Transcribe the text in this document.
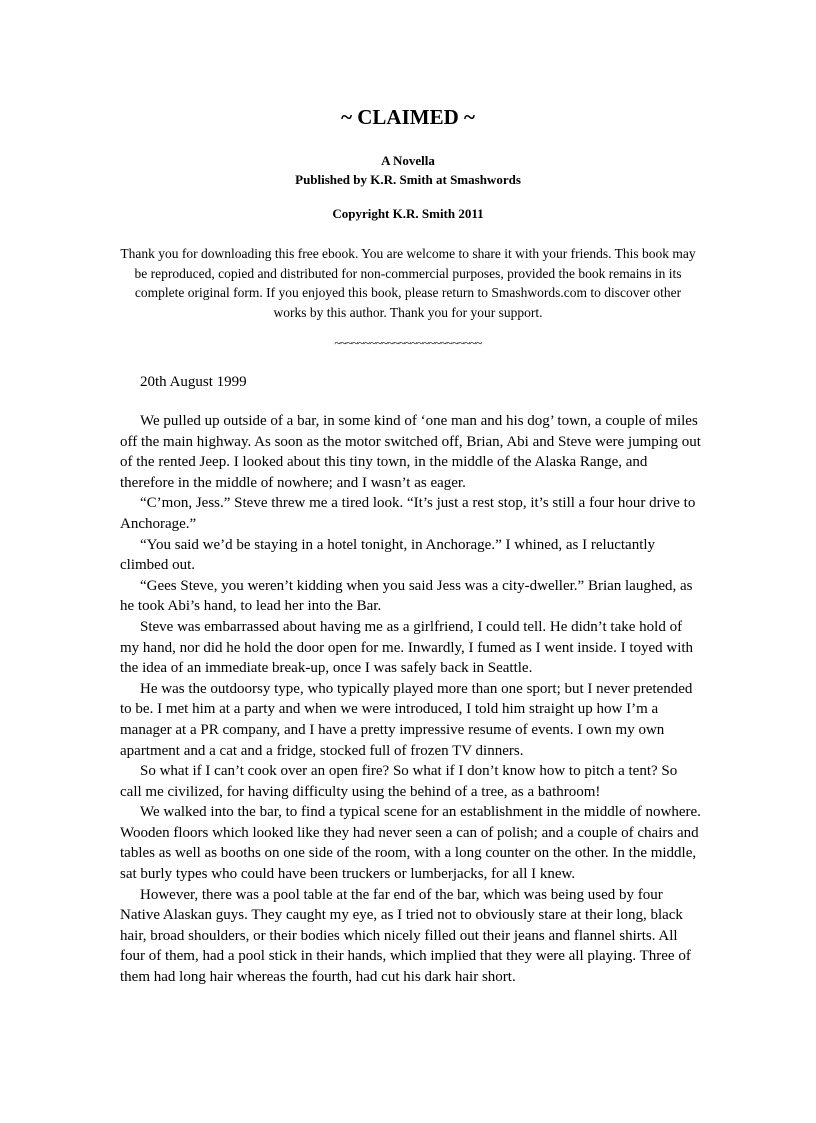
~ CLAIMED ~
A Novella
Published by K.R. Smith at Smashwords
Copyright K.R. Smith 2011
Thank you for downloading this free ebook. You are welcome to share it with your friends. This book may be reproduced, copied and distributed for non-commercial purposes, provided the book remains in its complete original form. If you enjoyed this book, please return to Smashwords.com to discover other works by this author. Thank you for your support.
~~~~~~~~~~~~~~~~~~~~~~~~~
20th August 1999

We pulled up outside of a bar, in some kind of ‘one man and his dog’ town, a couple of miles off the main highway. As soon as the motor switched off, Brian, Abi and Steve were jumping out of the rented Jeep. I looked about this tiny town, in the middle of the Alaska Range, and therefore in the middle of nowhere; and I wasn’t as eager.

“C’mon, Jess.” Steve threw me a tired look. “It’s just a rest stop, it’s still a four hour drive to Anchorage.”

“You said we’d be staying in a hotel tonight, in Anchorage.” I whined, as I reluctantly climbed out.

“Gees Steve, you weren’t kidding when you said Jess was a city-dweller.” Brian laughed, as he took Abi’s hand, to lead her into the Bar.

Steve was embarrassed about having me as a girlfriend, I could tell. He didn’t take hold of my hand, nor did he hold the door open for me. Inwardly, I fumed as I went inside. I toyed with the idea of an immediate break-up, once I was safely back in Seattle.

He was the outdoorsy type, who typically played more than one sport; but I never pretended to be. I met him at a party and when we were introduced, I told him straight up how I’m a manager at a PR company, and I have a pretty impressive resume of events. I own my own apartment and a cat and a fridge, stocked full of frozen TV dinners.

So what if I can’t cook over an open fire? So what if I don’t know how to pitch a tent? So call me civilized, for having difficulty using the behind of a tree, as a bathroom!

We walked into the bar, to find a typical scene for an establishment in the middle of nowhere. Wooden floors which looked like they had never seen a can of polish; and a couple of chairs and tables as well as booths on one side of the room, with a long counter on the other. In the middle, sat burly types who could have been truckers or lumberjacks, for all I knew.

However, there was a pool table at the far end of the bar, which was being used by four Native Alaskan guys. They caught my eye, as I tried not to obviously stare at their long, black hair, broad shoulders, or their bodies which nicely filled out their jeans and flannel shirts. All four of them, had a pool stick in their hands, which implied that they were all playing. Three of them had long hair whereas the fourth, had cut his dark hair short.
